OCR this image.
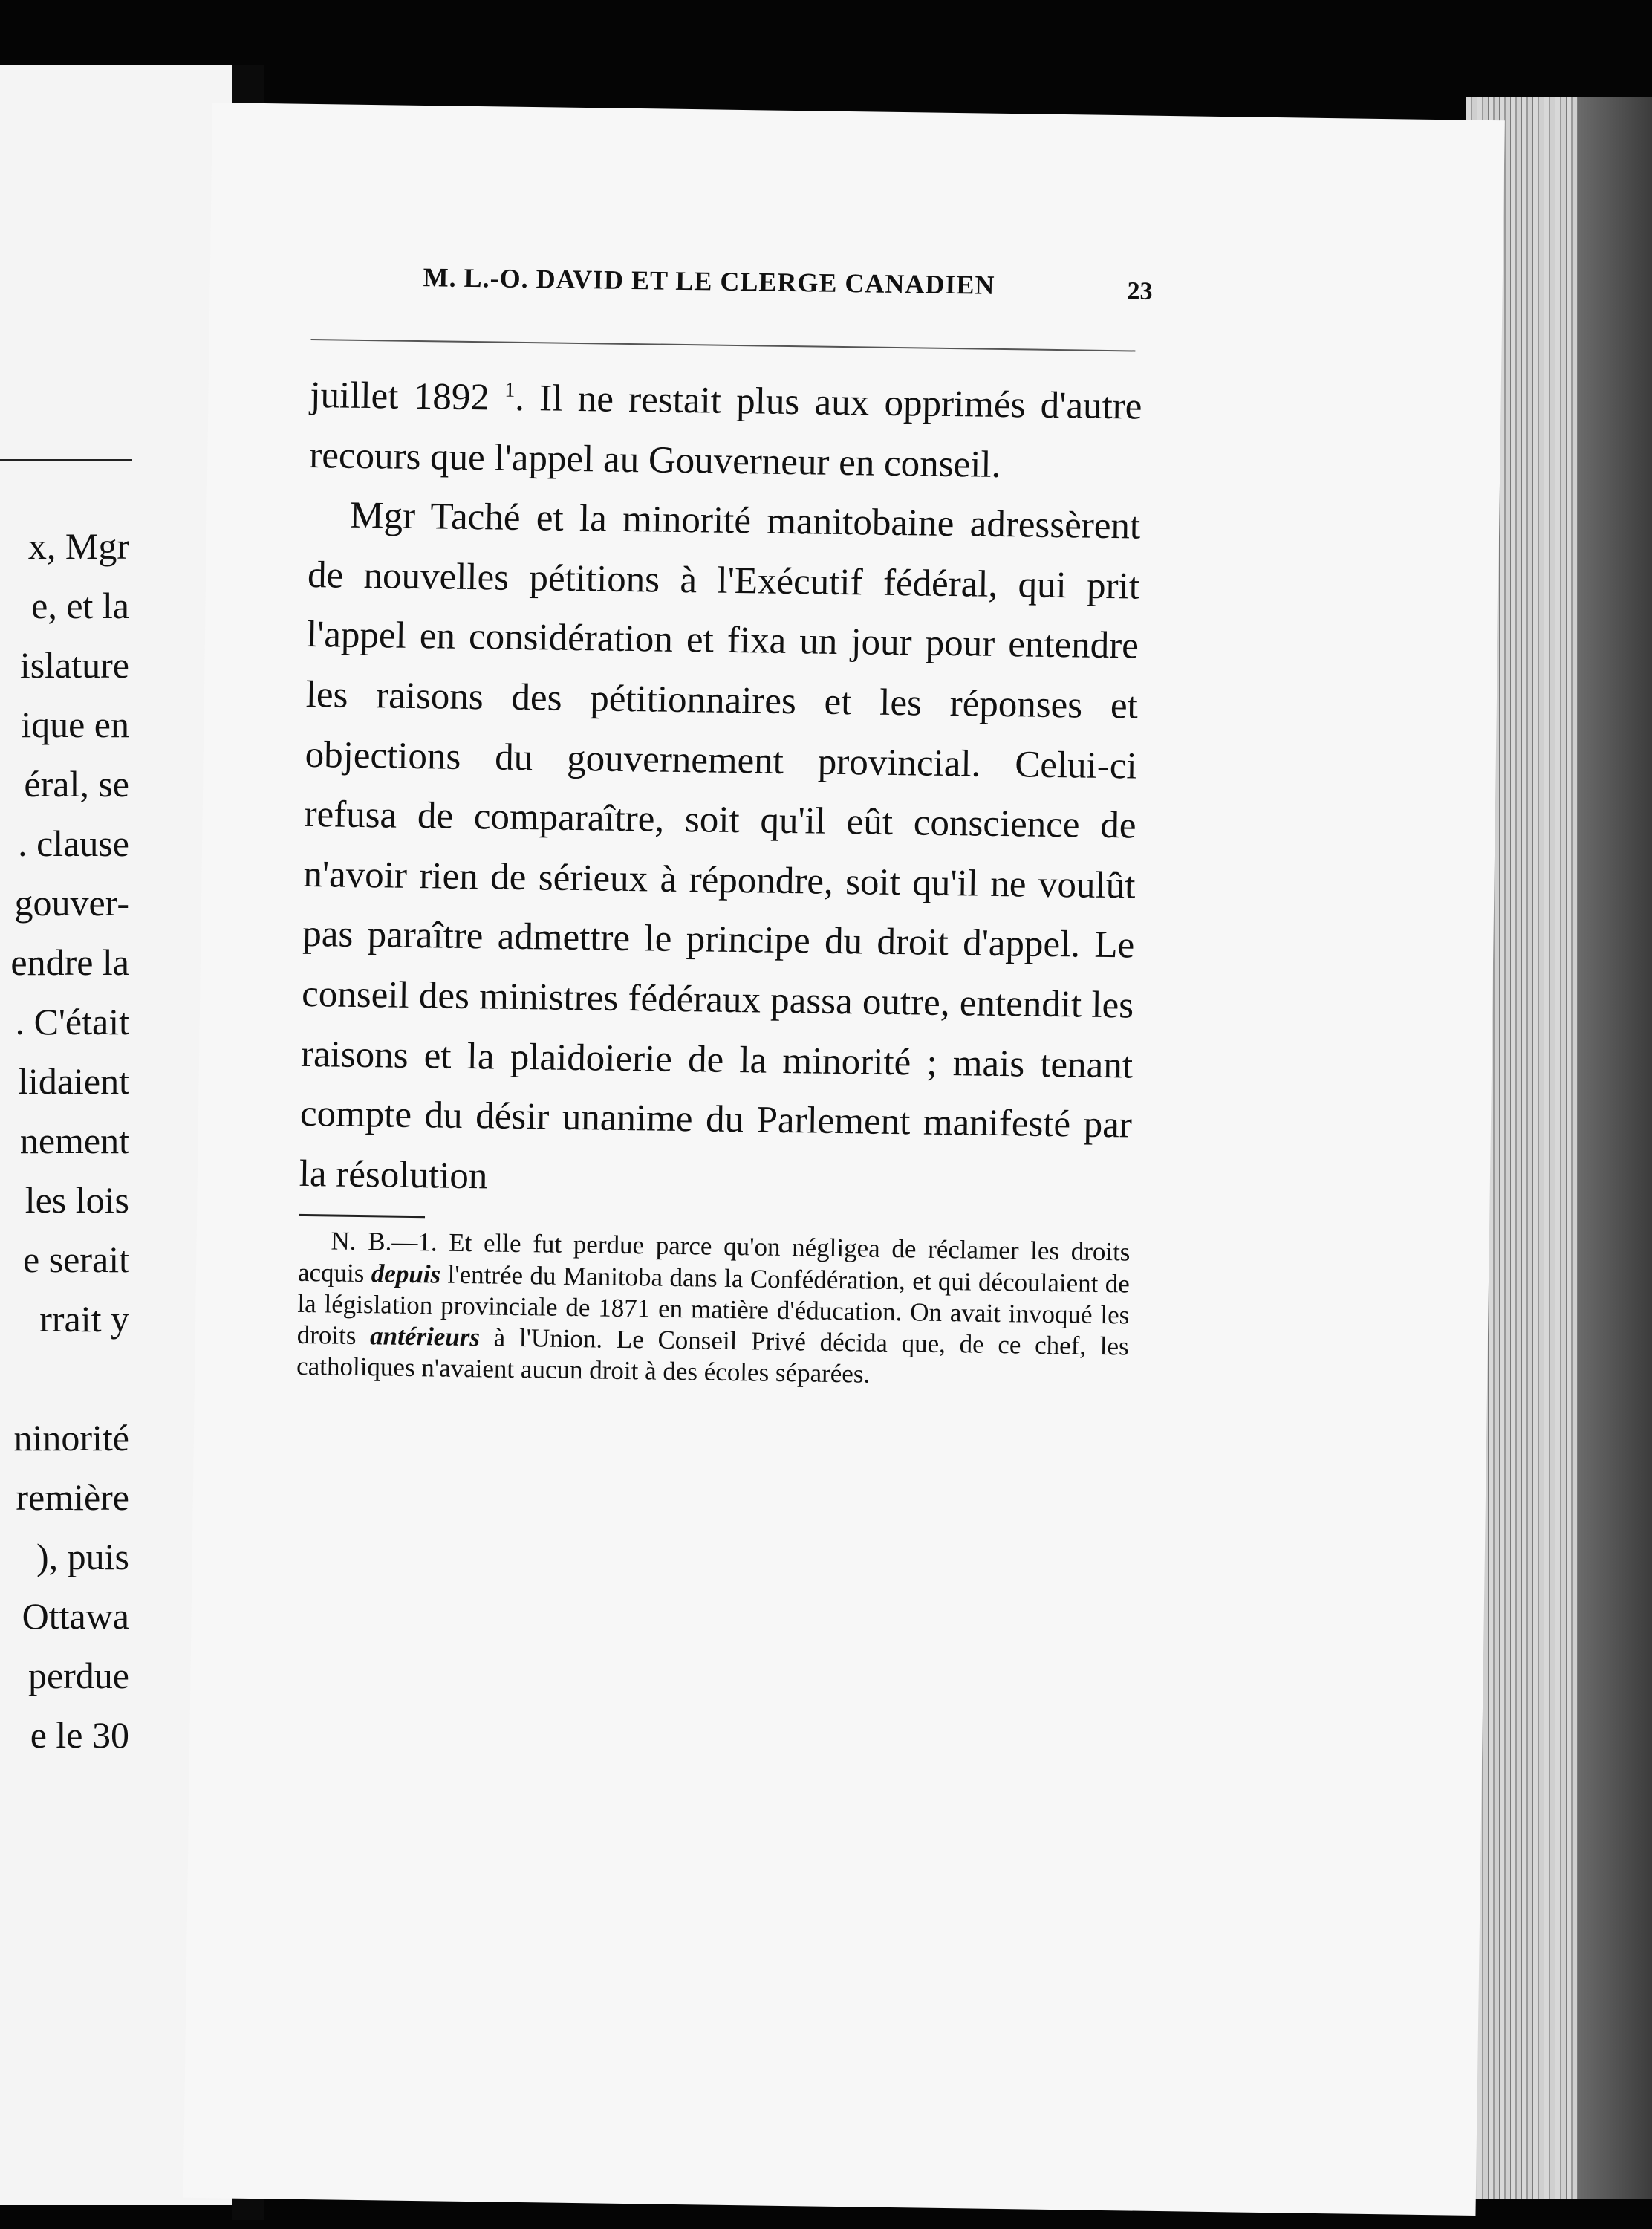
x, Mgr
e, et la
islature
ique en
éral, se
. clause
gouver-
endre la
. C'était
lidaient
nement
les lois
e serait
rrait y
ninorité
remière
), puis
Ottawa
perdue
e le 30
M. L.-O. DAVID ET LE CLERGE CANADIEN	23

juillet 1892 $^1$. Il ne restait plus aux opprimés d'autre recours que l'appel au Gouverneur en conseil.

Mgr Taché et la minorité manitobaine adressèrent de nouvelles pétitions à l'Exécutif fédéral, qui prit l'appel en considération et fixa un jour pour entendre les raisons des pétitionnaires et les réponses et objections du gouvernement provincial. Celui-ci refusa de comparaître, soit qu'il eût conscience de n'avoir rien de sérieux à répondre, soit qu'il ne voulût pas paraître admettre le principe du droit d'appel. Le conseil des ministres fédéraux passa outre, entendit les raisons et la plaidoierie de la minorité ; mais tenant compte du désir unanime du Parlement manifesté par la résolution

N. B.—1. Et elle fut perdue parce qu'on négligea de réclamer les droits acquis depuis l'entrée du Manitoba dans la Confédération, et qui découlaient de la législation provinciale de 1871 en matière d'éducation. On avait invoqué les droits antérieurs à l'Union. Le Conseil Privé décida que, de ce chef, les catholiques n'avaient aucun droit à des écoles séparées.
